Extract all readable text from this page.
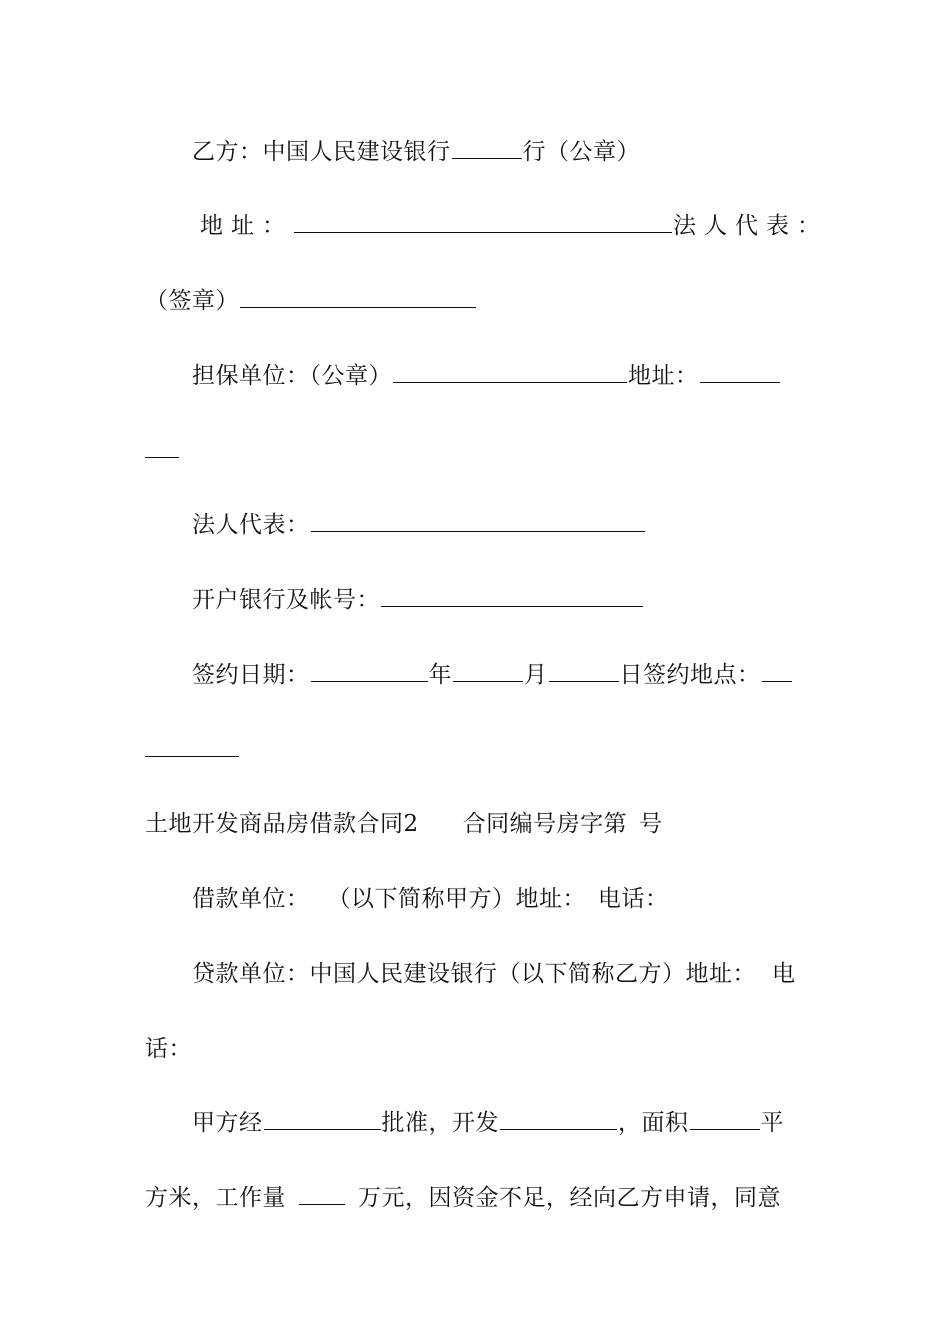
乙方：中国人民建设银行	行（公章）
地址：	法人代表：
（签章）
担保单位：（公章）	地址：
法人代表：
开户银行及帐号：
签约日期：	年	月	日签约地点：
土地开发商品房借款合同2 合同编号房字第 号
借款单位： （以下简称甲方）地址： 电话：
贷款单位：中国人民建设银行（以下简称乙方）地址： 电
话：
甲方经	批准，开发	，面积	平
方米，工作量	万元，因资金不足，经向乙方申请，同意
